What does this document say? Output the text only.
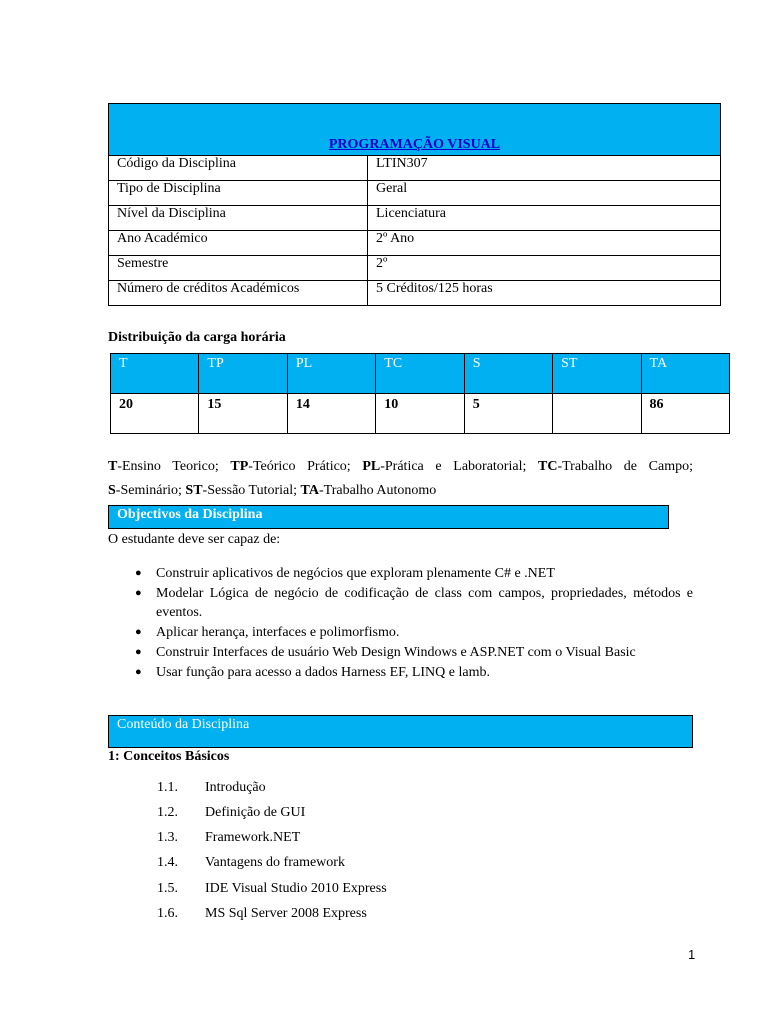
PROGRAMAÇÃO VISUAL	
Código da Disciplina	LTIN307
Tipo de Disciplina	Geral
Nível da Disciplina	Licenciatura
Ano Académico	2º Ano
Semestre	2º
Número de créditos Académicos	5 Créditos/125 horas
Distribuição da carga horária
T	TP	PL	TC	S	ST	TA
20	15	14	10	5		86
T-Ensino Teorico; TP-Teórico Prático; PL-Prática e Laboratorial; TC-Trabalho de Campo;
S-Seminário; ST-Sessão Tutorial; TA-Trabalho Autonomo
Objectivos da Disciplina
O estudante deve ser capaz de:
● Construir aplicativos de negócios que exploram plenamente C# e .NET
● Modelar Lógica de negócio de codificação de class com campos, propriedades, métodos e eventos.
● Aplicar herança, interfaces e polimorfismo.
● Construir Interfaces de usuário Web Design Windows e ASP.NET com o Visual Basic
● Usar função para acesso a dados Harness EF, LINQ e lamb.
Conteúdo da Disciplina
1: Conceitos Básicos
1.1. Introdução
1.2. Definição de GUI
1.3. Framework.NET
1.4. Vantagens do framework
1.5. IDE Visual Studio 2010 Express
1.6. MS Sql Server 2008 Express
1
